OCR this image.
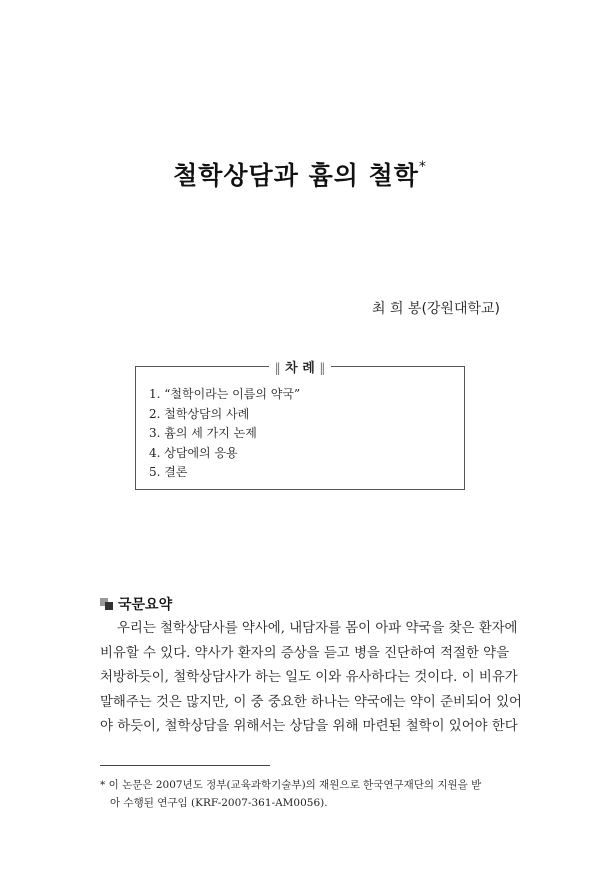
철학상담과 흄의 철학*
최 희 봉(강원대학교)
‖ 차 례 ‖
1. “철학이라는 이름의 약국”
2. 철학상담의 사례
3. 흄의 세 가지 논제
4. 상담에의 응용
5. 결론
국문요약
우리는 철학상담사를 약사에, 내담자를 몸이 아파 약국을 찾은 환자에
비유할 수 있다. 약사가 환자의 증상을 듣고 병을 진단하여 적절한 약을
처방하듯이, 철학상담사가 하는 일도 이와 유사하다는 것이다. 이 비유가
말해주는 것은 많지만, 이 중 중요한 하나는 약국에는 약이 준비되어 있어
야 하듯이, 철학상담을 위해서는 상담을 위해 마련된 철학이 있어야 한다
* 이 논문은 2007년도 정부(교육과학기술부)의 재원으로 한국연구재단의 지원을 받
아 수행된 연구임 (KRF-2007-361-AM0056).
